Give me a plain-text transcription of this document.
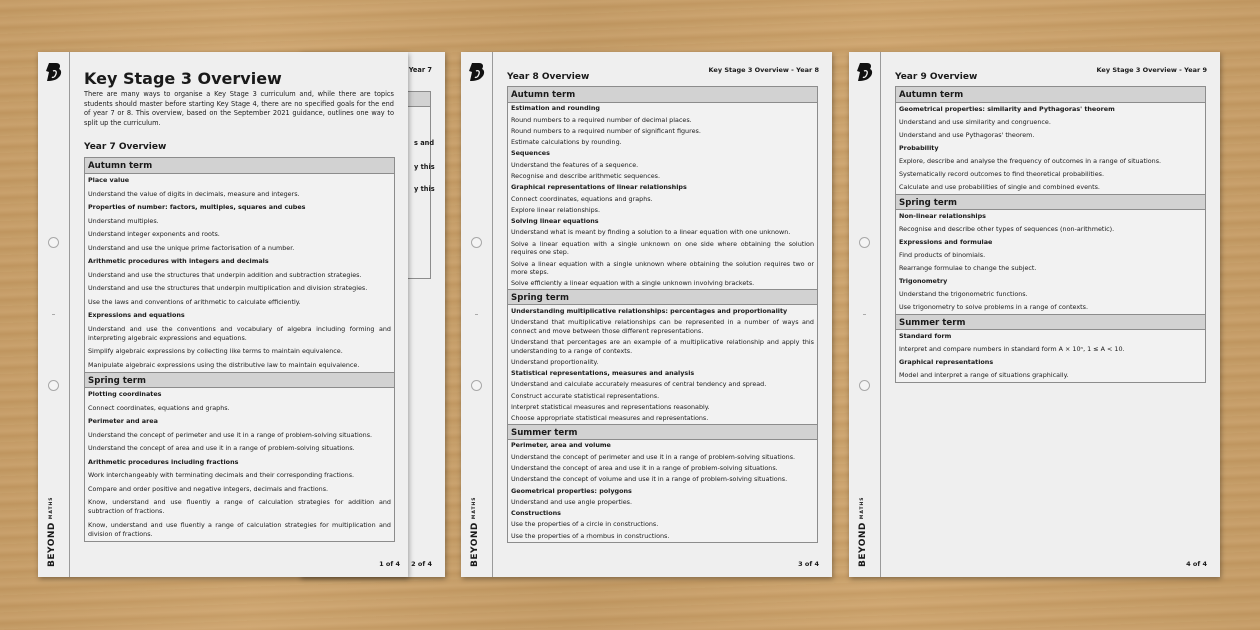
Year 7
s and
y this
y this
2 of 4
Key Stage 3 Overview
There are many ways to organise a Key Stage 3 curriculum and, while there are topics students should master before starting Key Stage 4, there are no specified goals for the end of year 7 or 8. This overview, based on the September 2021 guidance, outlines one way to split up the curriculum.
Year 7 Overview
Autumn term
Place value
Understand the value of digits in decimals, measure and integers.
Properties of number: factors, multiples, squares and cubes
Understand multiples.
Understand integer exponents and roots.
Understand and use the unique prime factorisation of a number.
Arithmetic procedures with integers and decimals
Understand and use the structures that underpin addition and subtraction strategies.
Understand and use the structures that underpin multiplication and division strategies.
Use the laws and conventions of arithmetic to calculate efficiently.
Expressions and equations
Understand and use the conventions and vocabulary of algebra including forming and interpreting algebraic expressions and equations.
Simplify algebraic expressions by collecting like terms to maintain equivalence.
Manipulate algebraic expressions using the distributive law to maintain equivalence.
Spring term
Plotting coordinates
Connect coordinates, equations and graphs.
Perimeter and area
Understand the concept of perimeter and use it in a range of problem-solving situations.
Understand the concept of area and use it in a range of problem-solving situations.
Arithmetic procedures including fractions
Work interchangeably with terminating decimals and their corresponding fractions.
Compare and order positive and negative integers, decimals and fractions.
Know, understand and use fluently a range of calculation strategies for addition and subtraction of fractions.
Know, understand and use fluently a range of calculation strategies for multiplication and division of fractions.
1 of 4
$BEYOND^{MATHS}$
Key Stage 3 Overview - Year 8
Year 8 Overview
Autumn term
Estimation and rounding
Round numbers to a required number of decimal places.
Round numbers to a required number of significant figures.
Estimate calculations by rounding.
Sequences
Understand the features of a sequence.
Recognise and describe arithmetic sequences.
Graphical representations of linear relationships
Connect coordinates, equations and graphs.
Explore linear relationships.
Solving linear equations
Understand what is meant by finding a solution to a linear equation with one unknown.
Solve a linear equation with a single unknown on one side where obtaining the solution requires one step.
Solve a linear equation with a single unknown where obtaining the solution requires two or more steps.
Solve efficiently a linear equation with a single unknown involving brackets.
Spring term
Understanding multiplicative relationships: percentages and proportionality
Understand that multiplicative relationships can be represented in a number of ways and connect and move between those different representations.
Understand that percentages are an example of a multiplicative relationship and apply this understanding to a range of contexts.
Understand proportionality.
Statistical representations, measures and analysis
Understand and calculate accurately measures of central tendency and spread.
Construct accurate statistical representations.
Interpret statistical measures and representations reasonably.
Choose appropriate statistical measures and representations.
Summer term
Perimeter, area and volume
Understand the concept of perimeter and use it in a range of problem-solving situations.
Understand the concept of area and use it in a range of problem-solving situations.
Understand the concept of volume and use it in a range of problem-solving situations.
Geometrical properties: polygons
Understand and use angle properties.
Constructions
Use the properties of a circle in constructions.
Use the properties of a rhombus in constructions.
3 of 4
$BEYOND^{MATHS}$
Key Stage 3 Overview - Year 9
Year 9 Overview
Autumn term
Geometrical properties: similarity and Pythagoras' theorem
Understand and use similarity and congruence.
Understand and use Pythagoras' theorem.
Probability
Explore, describe and analyse the frequency of outcomes in a range of situations.
Systematically record outcomes to find theoretical probabilities.
Calculate and use probabilities of single and combined events.
Spring term
Non-linear relationships
Recognise and describe other types of sequences (non-arithmetic).
Expressions and formulae
Find products of binomials.
Rearrange formulae to change the subject.
Trigonometry
Understand the trigonometric functions.
Use trigonometry to solve problems in a range of contexts.
Summer term
Standard form
Interpret and compare numbers in standard form A × 10ⁿ, 1 ≤ A < 10.
Graphical representations
Model and interpret a range of situations graphically.
4 of 4
$BEYOND^{MATHS}$
